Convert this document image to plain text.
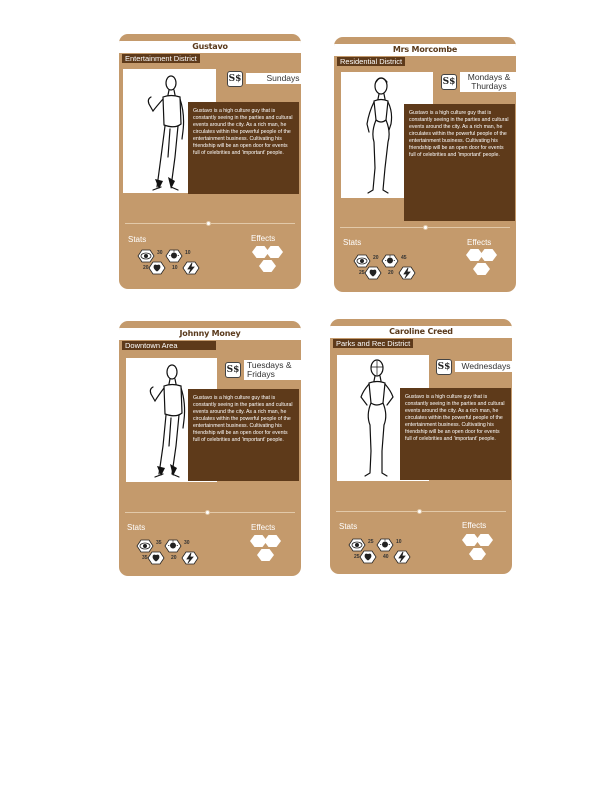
Gustavo
Entertainment District
S$	Sundays
Gustavo is a high culture guy that is constantly seeing in the parties and cultural events around the city. As a rich man, he circulates within the powerful people of the entertainment business. Cultivating his friendship will be an open door for events full of celebrities and 'important' people.
Stats	Effects
30	10
20	10
Mrs Morcombe
Residential District
S$	Mondays &
Thurdays
Gustavo is a high culture guy that is constantly seeing in the parties and cultural events around the city. As a rich man, he circulates within the powerful people of the entertainment business. Cultivating his friendship will be an open door for events full of celebrities and 'important' people.
Stats	Effects
20	45
25	20
Johnny Money
Downtown Area
S$ Tuesdays &
Fridays
Gustavo is a high culture guy that is constantly seeing in the parties and cultural events around the city. As a rich man, he circulates within the powerful people of the entertainment business. Cultivating his friendship will be an open door for events full of celebrities and 'important' people.
Stats	Effects
35	30
35	20
Caroline Creed
Parks and Rec District
S$	Wednesdays
Gustavo is a high culture guy that is constantly seeing in the parties and cultural events around the city. As a rich man, he circulates within the powerful people of the entertainment business. Cultivating his friendship will be an open door for events full of celebrities and 'important' people.
Stats	Effects
25	10
25	40
